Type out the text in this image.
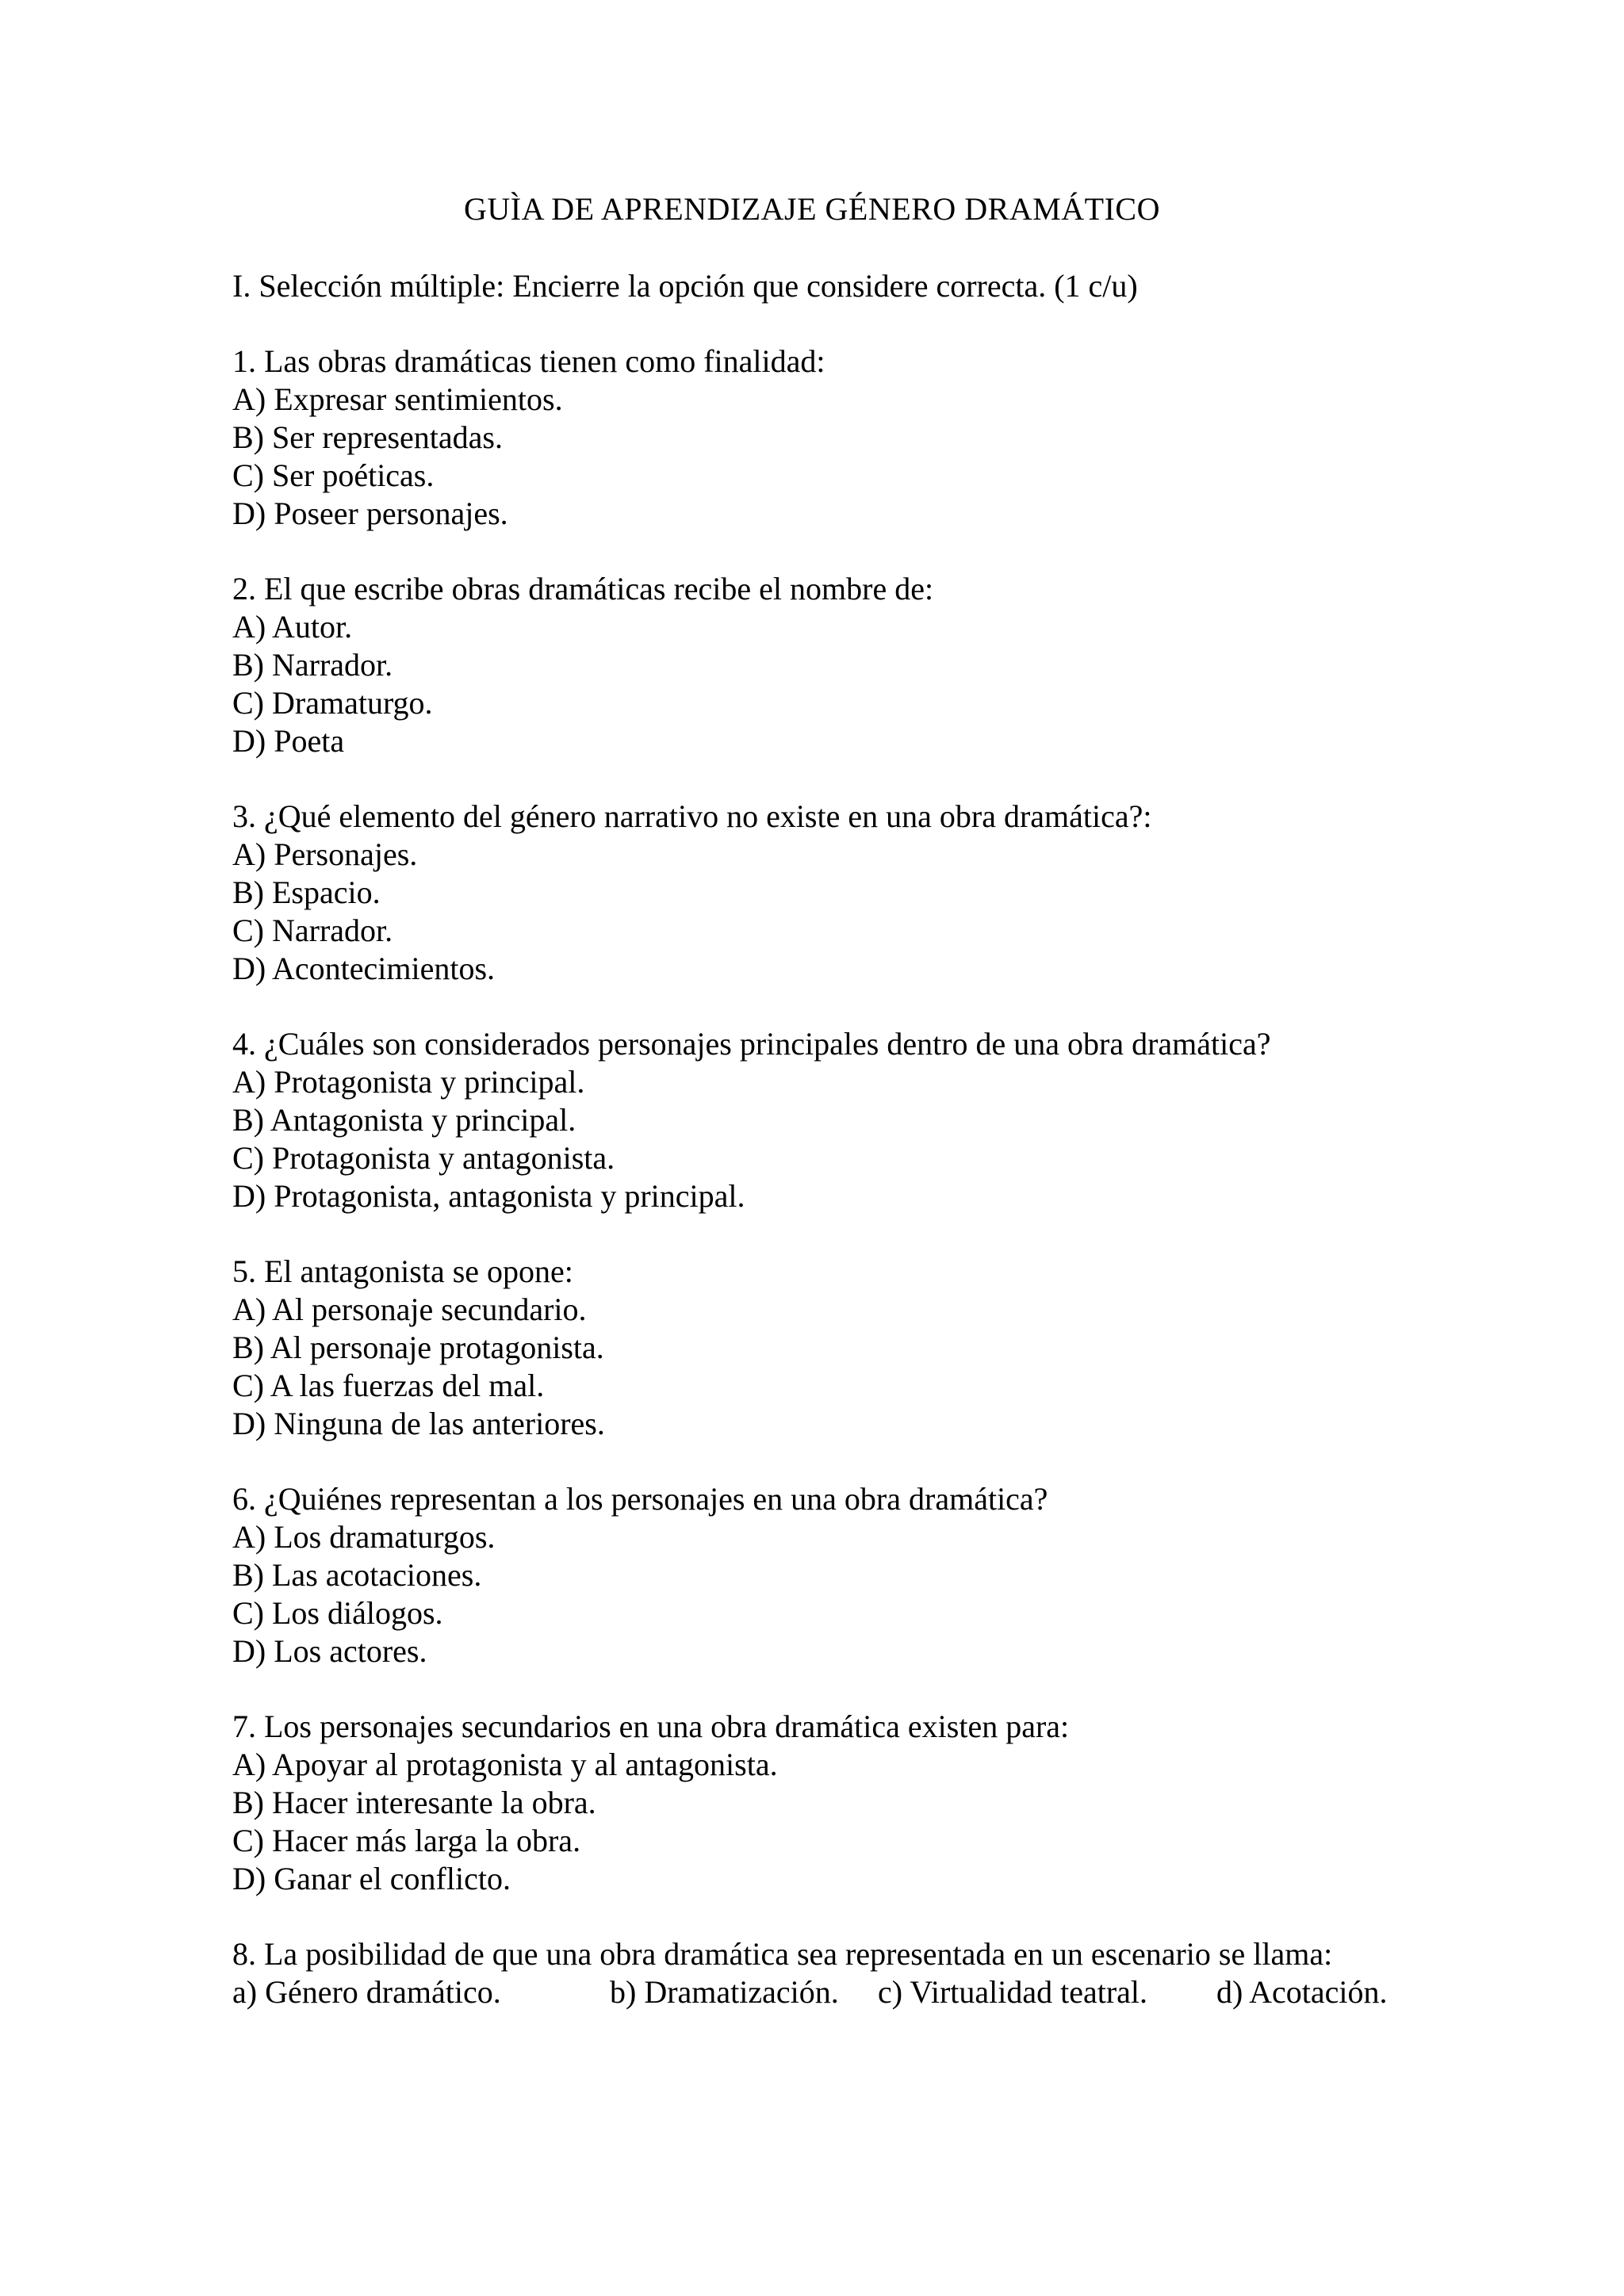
GUÌA DE APRENDIZAJE GÉNERO DRAMÁTICO
I. Selección múltiple: Encierre la opción que considere correcta. (1 c/u)
1. Las obras dramáticas tienen como finalidad:
A) Expresar sentimientos.
B) Ser representadas.
C) Ser poéticas.
D) Poseer personajes.
2. El que escribe obras dramáticas recibe el nombre de:
A) Autor.
B) Narrador.
C) Dramaturgo.
D) Poeta
3. ¿Qué elemento del género narrativo no existe en una obra dramática?:
A) Personajes.
B) Espacio.
C) Narrador.
D) Acontecimientos.
4. ¿Cuáles son considerados personajes principales dentro de una obra dramática?
A) Protagonista y principal.
B) Antagonista y principal.
C) Protagonista y antagonista.
D) Protagonista, antagonista y principal.
5. El antagonista se opone:
A) Al personaje secundario.
B) Al personaje protagonista.
C) A las fuerzas del mal.
D) Ninguna de las anteriores.
6. ¿Quiénes representan a los personajes en una obra dramática?
A) Los dramaturgos.
B) Las acotaciones.
C) Los diálogos.
D) Los actores.
7. Los personajes secundarios en una obra dramática existen para:
A) Apoyar al protagonista y al antagonista.
B) Hacer interesante la obra.
C) Hacer más larga la obra.
D) Ganar el conflicto.
8. La posibilidad de que una obra dramática sea representada en un escenario se llama:
a) Género dramático.	b) Dramatización.	c) Virtualidad teatral.	d) Acotación.
